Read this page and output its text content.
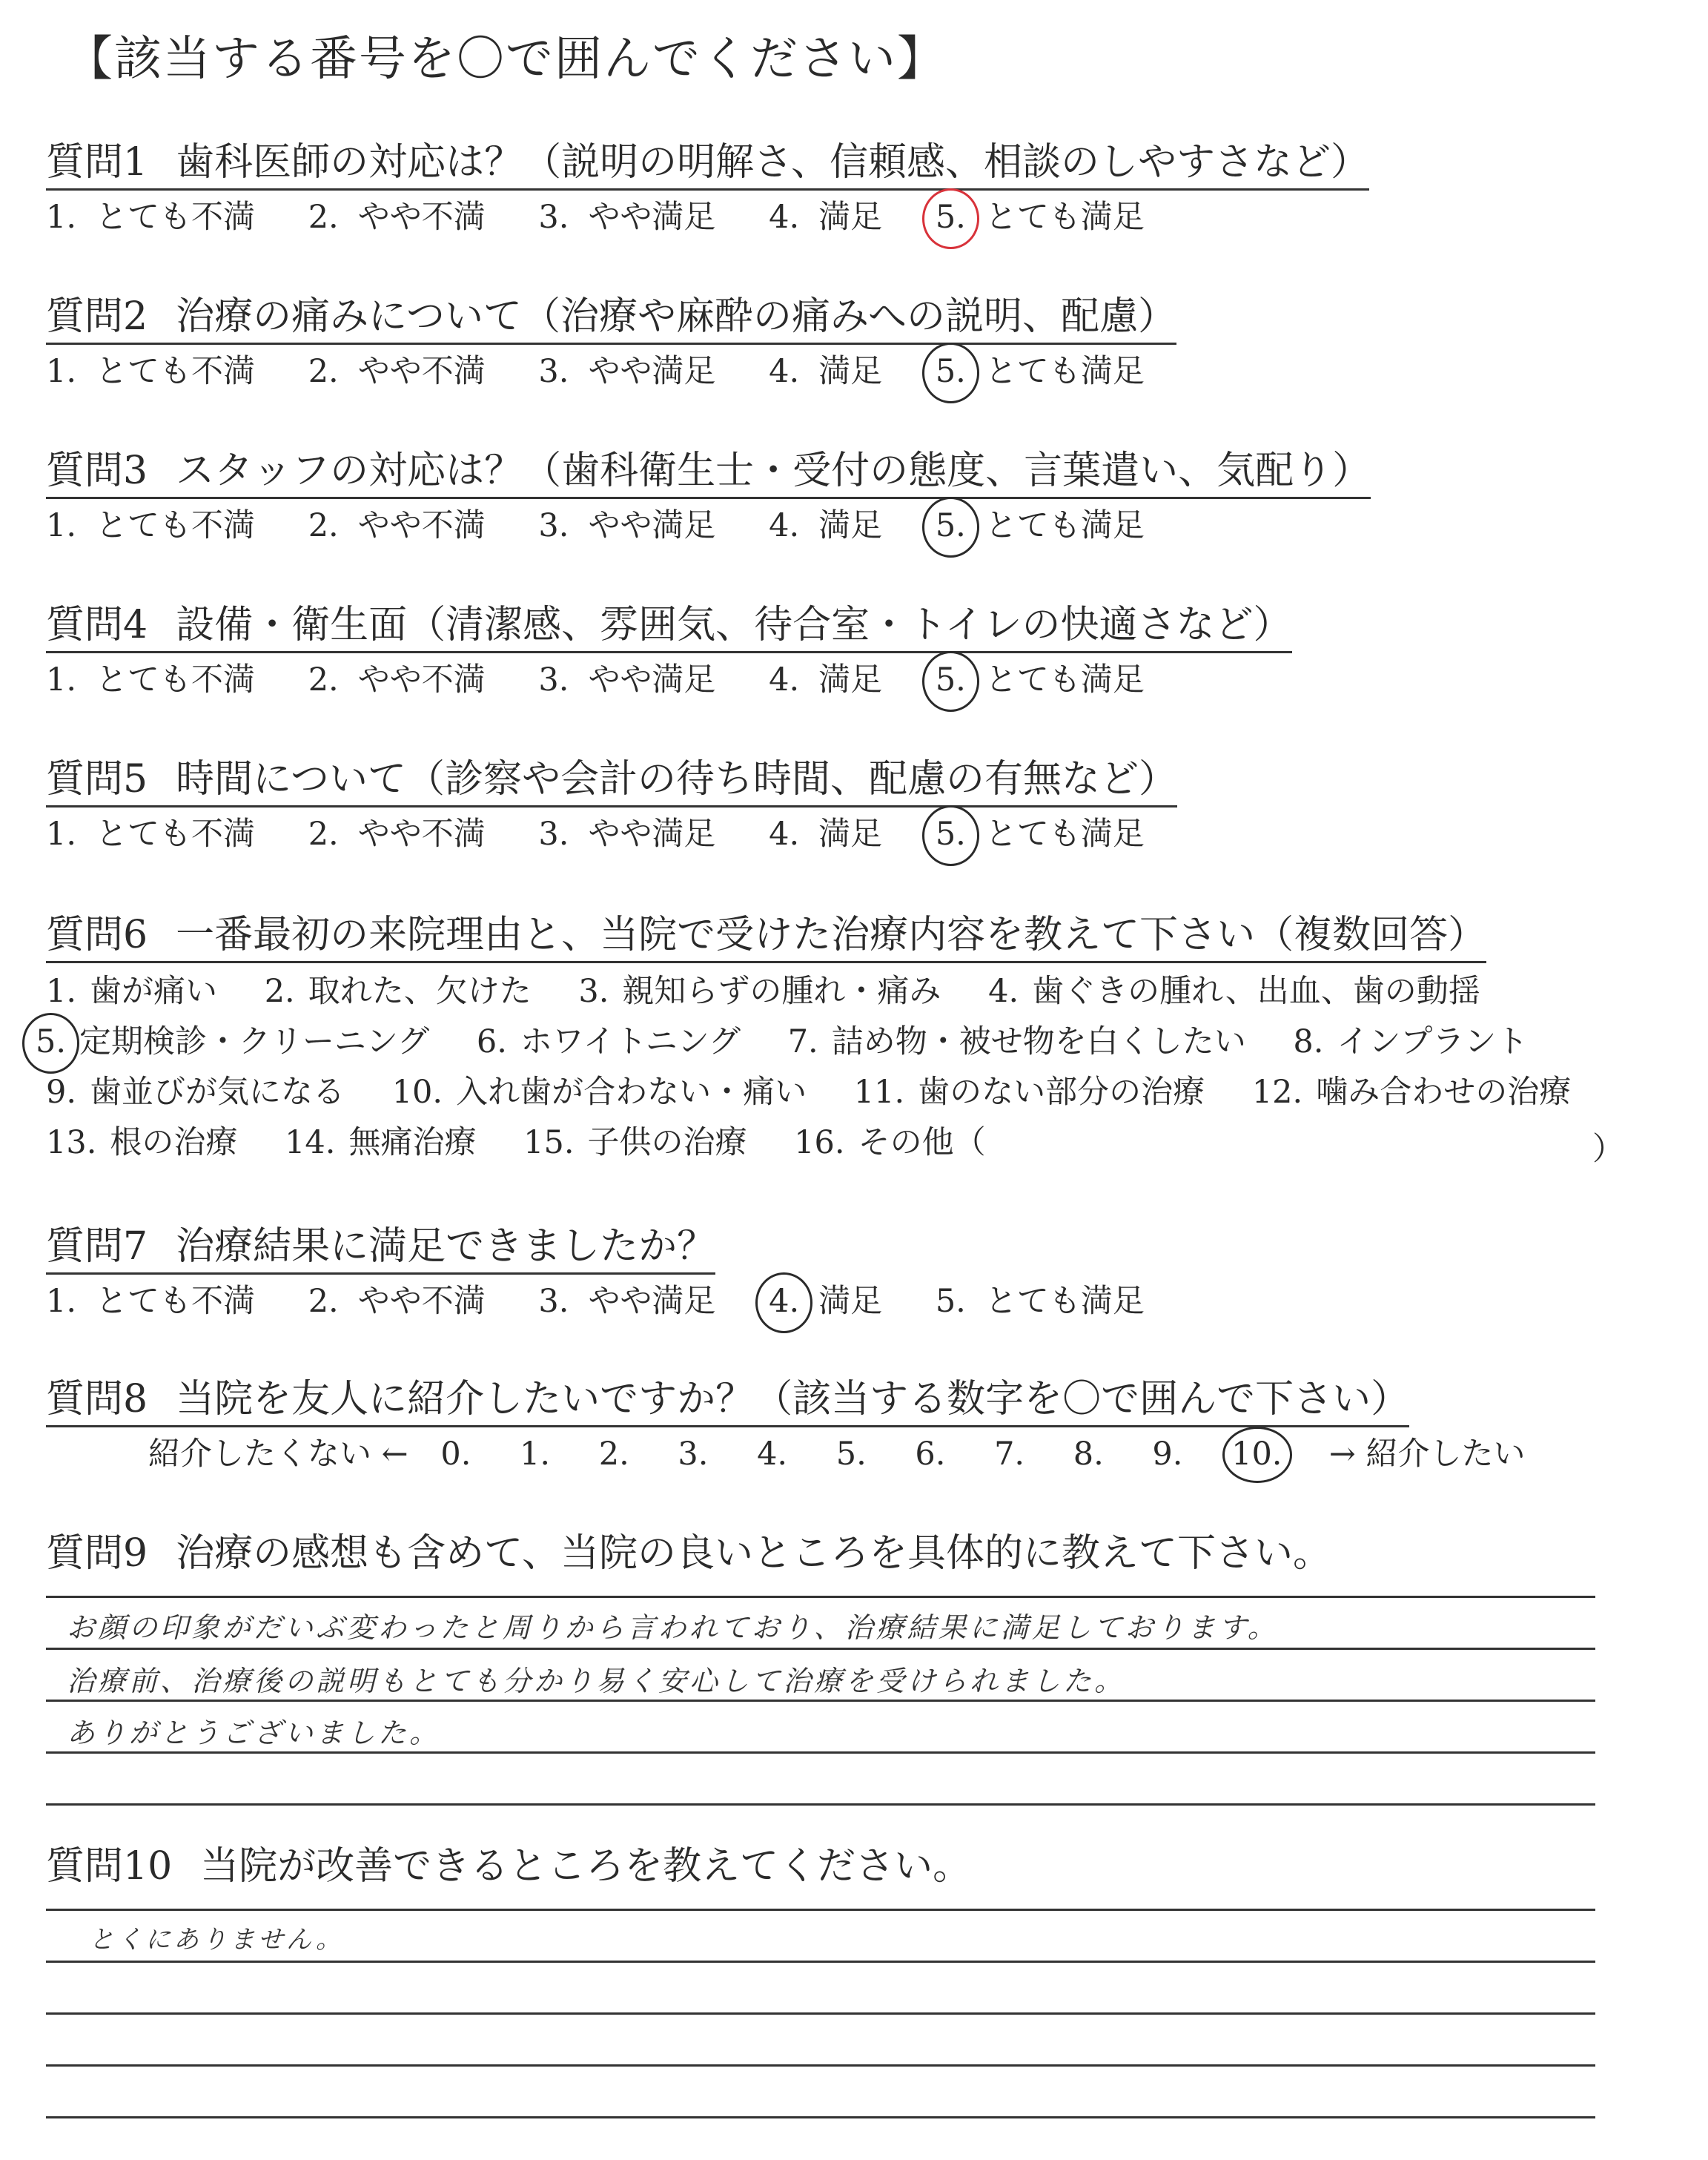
【該当する番号を〇で囲んでください】
質問1 歯科医師の対応は？（説明の明解さ、信頼感、相談のしやすさなど）
1. とても不満 2. やや不満 3. やや満足 4. 満足 5. とても満足
質問2 治療の痛みについて（治療や麻酔の痛みへの説明、配慮）
1. とても不満 2. やや不満 3. やや満足 4. 満足 5. とても満足
質問3 スタッフの対応は？（歯科衛生士・受付の態度、言葉遣い、気配り）
1. とても不満 2. やや不満 3. やや満足 4. 満足 5. とても満足
質問4 設備・衛生面（清潔感、雰囲気、待合室・トイレの快適さなど）
1. とても不満 2. やや不満 3. やや満足 4. 満足 5. とても満足
質問5 時間について（診察や会計の待ち時間、配慮の有無など）
1. とても不満 2. やや不満 3. やや満足 4. 満足 5. とても満足
質問6 一番最初の来院理由と、当院で受けた治療内容を教えて下さい（複数回答）
1. 歯が痛い 2. 取れた、欠けた 3. 親知らずの腫れ・痛み 4. 歯ぐきの腫れ、出血、歯の動揺
5. 定期検診・クリーニング 6. ホワイトニング 7. 詰め物・被せ物を白くしたい 8. インプラント
9. 歯並びが気になる 10. 入れ歯が合わない・痛い 11. 歯のない部分の治療 12. 噛み合わせの治療
13. 根の治療 14. 無痛治療 15. 子供の治療 16. その他（	）
質問7 治療結果に満足できましたか？
1. とても不満 2. やや不満 3. やや満足 4. 満足 5. とても満足
質問8 当院を友人に紹介したいですか？（該当する数字を〇で囲んで下さい）
紹介したくない ← 0. 1. 2. 3. 4. 5. 6. 7. 8. 9. 10. → 紹介したい
質問9 治療の感想も含めて、当院の良いところを具体的に教えて下さい。
お顔の印象がだいぶ変わったと周りから言われており、治療結果に満足しております。
治療前、治療後の説明もとても分かり易く安心して治療を受けられました。
ありがとうございました。
質問10 当院が改善できるところを教えてください。
とくにありません。
